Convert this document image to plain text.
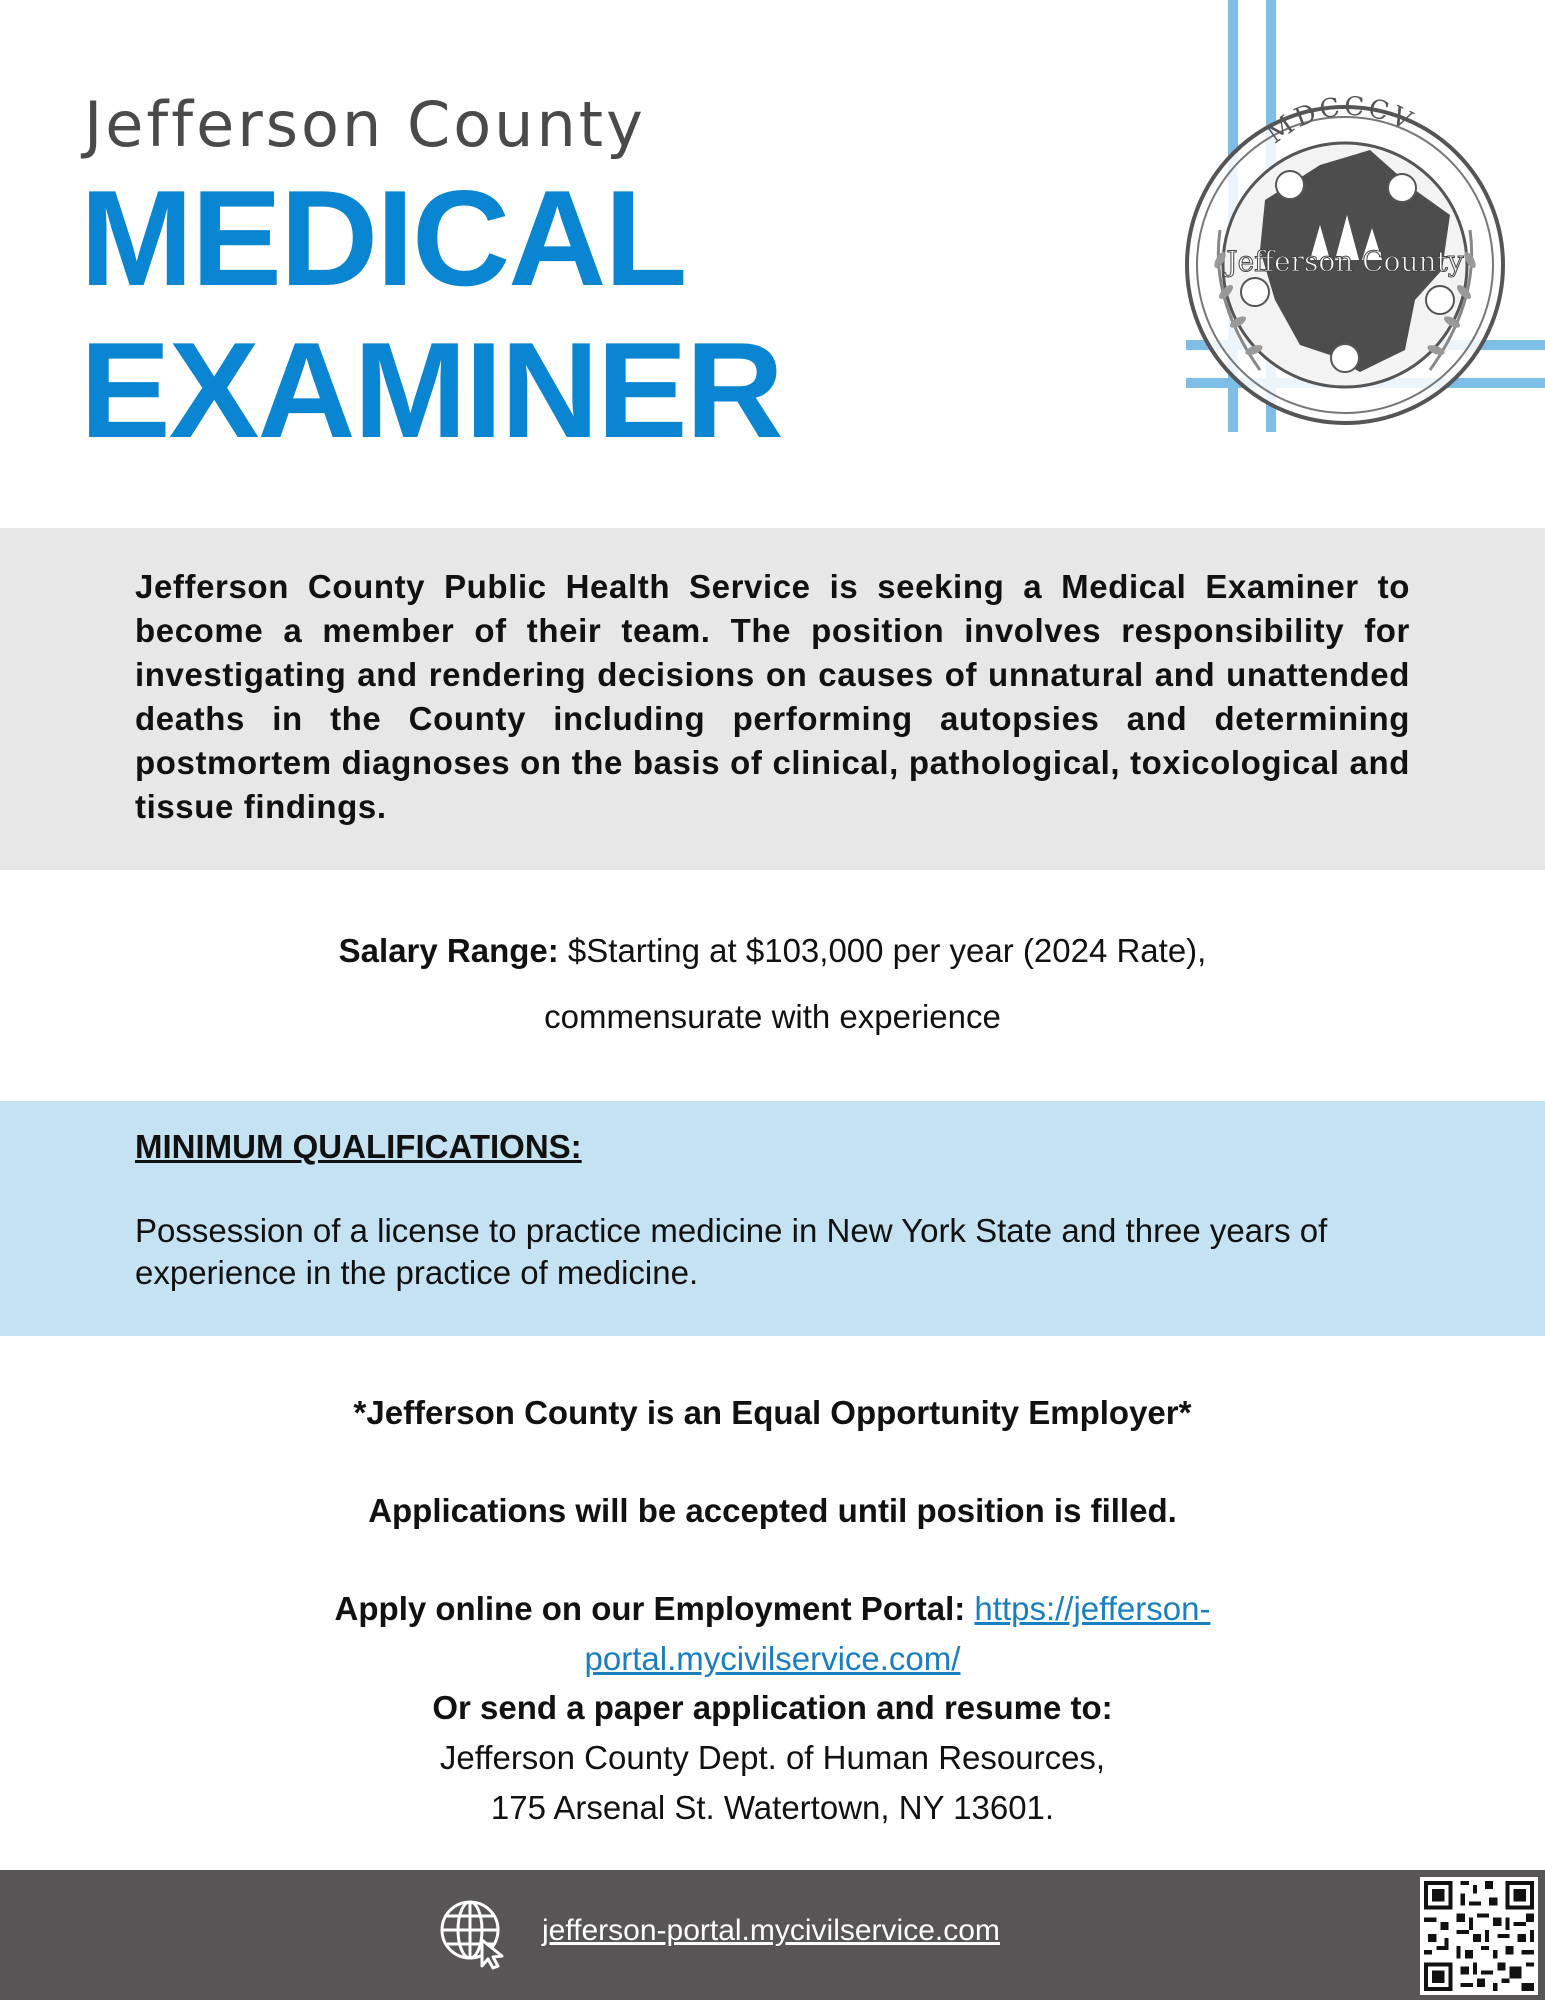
Jefferson County
MEDICAL
EXAMINER
MDCCCV
Jefferson County
Jefferson County Public Health Service is seeking a Medical Examiner to become a member of their team. The position involves responsibility for investigating and rendering decisions on causes of unnatural and unattended deaths in the County including performing autopsies and determining postmortem diagnoses on the basis of clinical, pathological, toxicological and tissue findings.
Salary Range: $Starting at $103,000 per year (2024 Rate),
commensurate with experience
MINIMUM QUALIFICATIONS:
Possession of a license to practice medicine in New York State and three years of experience in the practice of medicine.
*Jefferson County is an Equal Opportunity Employer*
Applications will be accepted until position is filled.
Apply online on our Employment Portal: https://jefferson-
portal.mycivilservice.com/
Or send a paper application and resume to:
Jefferson County Dept. of Human Resources,
175 Arsenal St. Watertown, NY 13601.
jefferson-portal.mycivilservice.com
